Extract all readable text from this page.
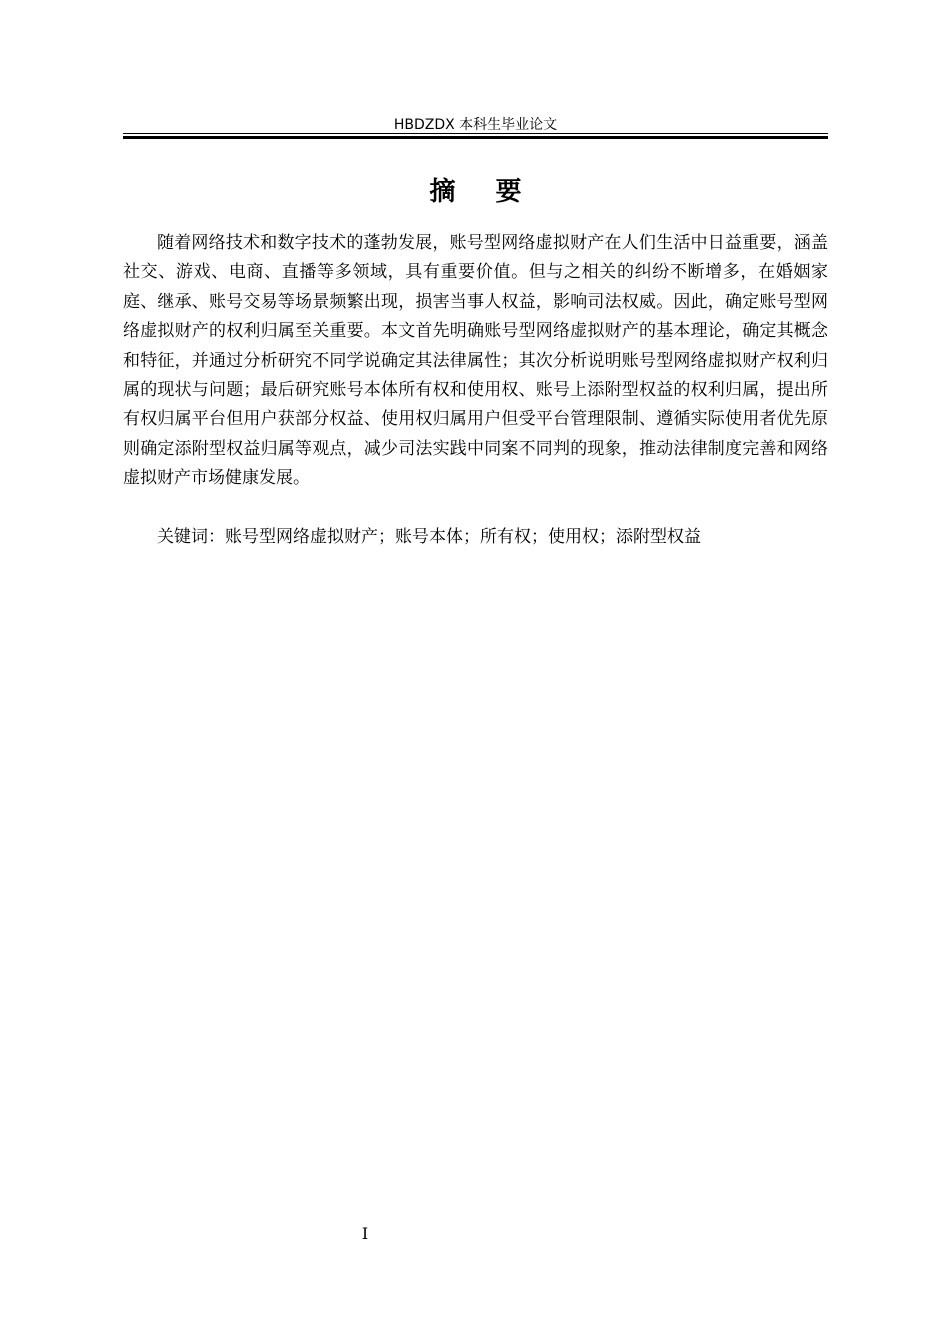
HBDZDX 本科生毕业论文
摘要

随着网络技术和数字技术的蓬勃发展，账号型网络虚拟财产在人们生活中日益重要，涵盖社交、游戏、电商、直播等多领域，具有重要价值。但与之相关的纠纷不断增多，在婚姻家庭、继承、账号交易等场景频繁出现，损害当事人权益，影响司法权威。因此，确定账号型网络虚拟财产的权利归属至关重要。本文首先明确账号型网络虚拟财产的基本理论，确定其概念和特征，并通过分析研究不同学说确定其法律属性；其次分析说明账号型网络虚拟财产权利归属的现状与问题；最后研究账号本体所有权和使用权、账号上添附型权益的权利归属，提出所有权归属平台但用户获部分权益、使用权归属用户但受平台管理限制、遵循实际使用者优先原则确定添附型权益归属等观点，减少司法实践中同案不同判的现象，推动法律制度完善和网络虚拟财产市场健康发展。

关键词：账号型网络虚拟财产；账号本体；所有权；使用权；添附型权益

I
